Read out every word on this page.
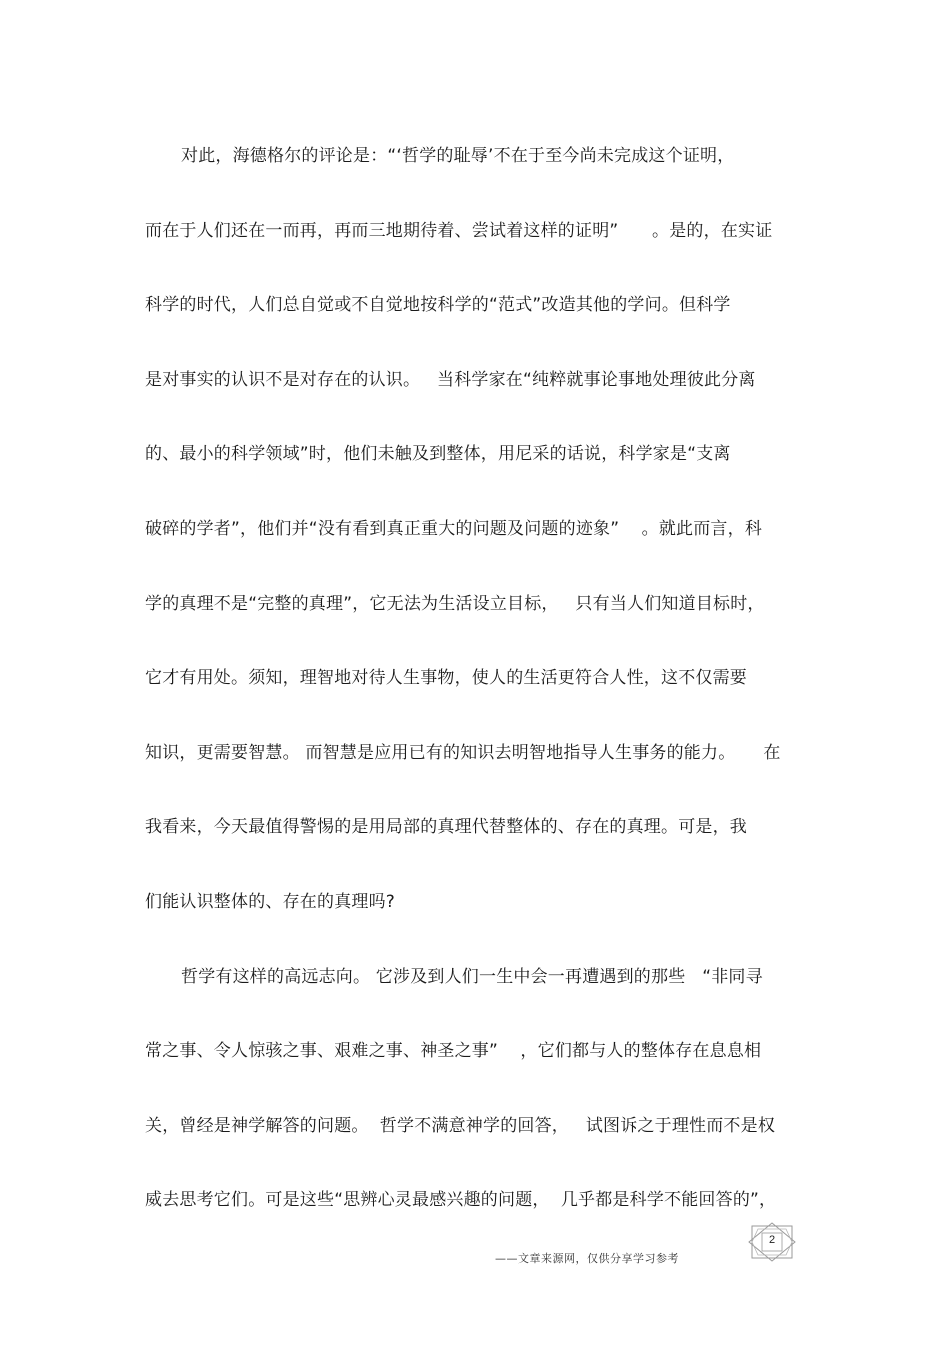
对此，海德格尔的评论是：“‘哲学的耻辱’不在于至今尚未完成这个证明，
而在于人们还在一而再，再而三地期待着、尝试着这样的证明”      。是的，在实证
科学的时代，人们总自觉或不自觉地按科学的“范式”改造其他的学问。但科学
是对事实的认识不是对存在的认识。   当科学家在“纯粹就事论事地处理彼此分离
的、最小的科学领域”时，他们未触及到整体，用尼采的话说，科学家是“支离
破碎的学者”，他们并“没有看到真正重大的问题及问题的迹象”    。就此而言，科
学的真理不是“完整的真理”，它无法为生活设立目标，   只有当人们知道目标时，
它才有用处。须知，理智地对待人生事物，使人的生活更符合人性，这不仅需要
知识，更需要智慧。 而智慧是应用已有的知识去明智地指导人生事务的能力。     在
我看来，今天最值得警惕的是用局部的真理代替整体的、存在的真理。可是，我
们能认识整体的、存在的真理吗?
哲学有这样的高远志向。 它涉及到人们一生中会一再遭遇到的那些   “非同寻
常之事、令人惊骇之事、艰难之事、神圣之事”    ，它们都与人的整体存在息息相
关，曾经是神学解答的问题。  哲学不满意神学的回答，   试图诉之于理性而不是权
威去思考它们。可是这些“思辨心灵最感兴趣的问题，  几乎都是科学不能回答的”，
——文章来源网，仅供分享学习参考
2
